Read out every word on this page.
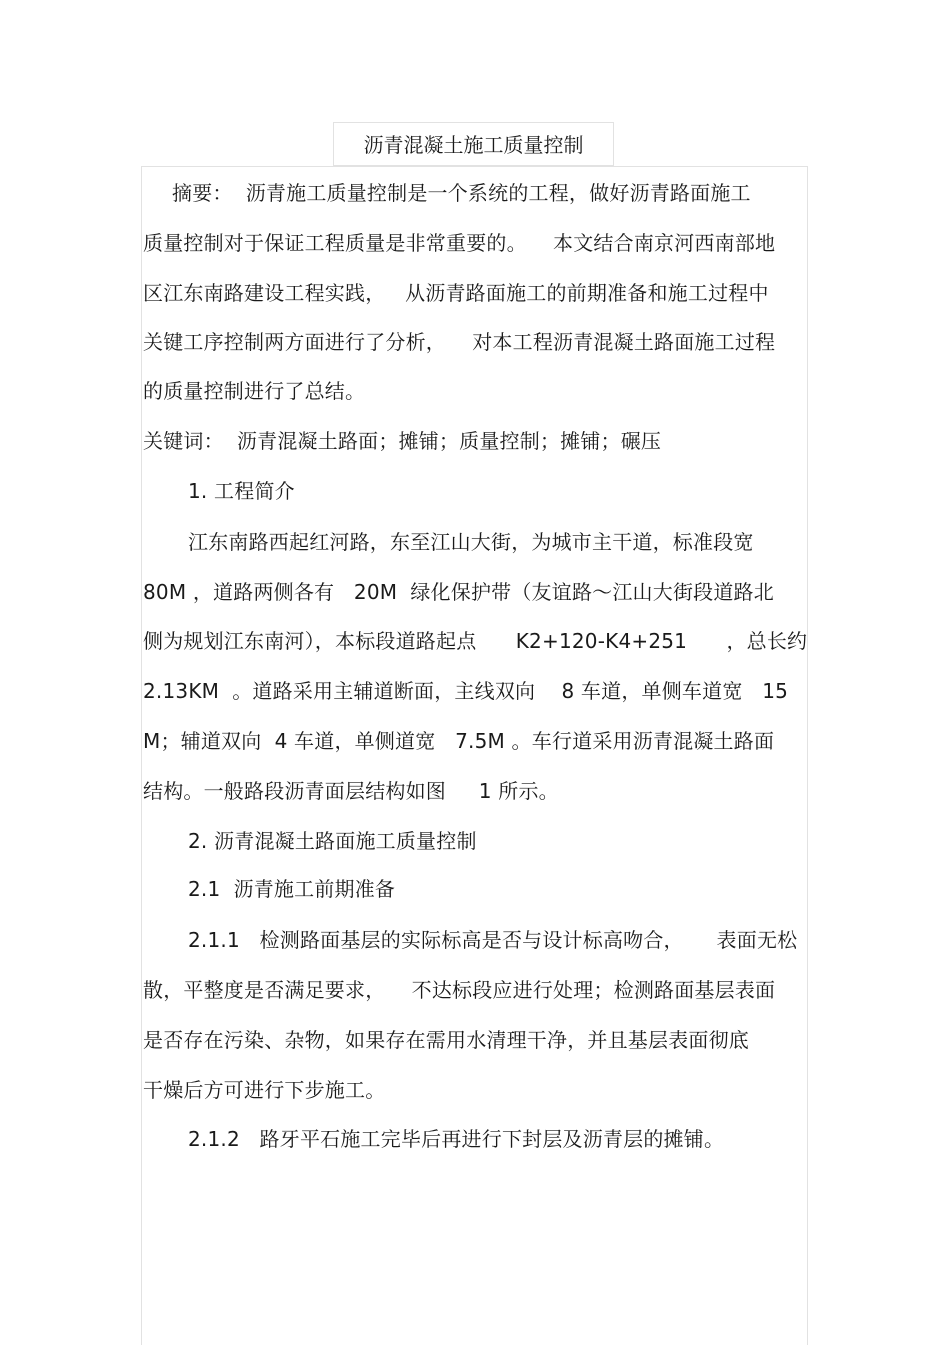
沥青混凝土施工质量控制
摘要：  沥青施工质量控制是一个系统的工程，做好沥青路面施工
质量控制对于保证工程质量是非常重要的。    本文结合南京河西南部地
区江东南路建设工程实践，   从沥青路面施工的前期准备和施工过程中
关键工序控制两方面进行了分析，    对本工程沥青混凝土路面施工过程
的质量控制进行了总结。
关键词：  沥青混凝土路面；摊铺；质量控制；摊铺；碾压
1. 工程简介
江东南路西起红河路，东至江山大街，为城市主干道，标准段宽
80M ，道路两侧各有   20M  绿化保护带（友谊路～江山大街段道路北
侧为规划江东南河），本标段道路起点      K2+120-K4+251      ，总长约
2.13KM  。道路采用主辅道断面，主线双向    8 车道，单侧车道宽   15
M；辅道双向  4 车道，单侧道宽   7.5M 。车行道采用沥青混凝土路面
结构。一般路段沥青面层结构如图     1 所示。
2. 沥青混凝土路面施工质量控制
2.1  沥青施工前期准备
2.1.1   检测路面基层的实际标高是否与设计标高吻合，     表面无松
散，平整度是否满足要求，    不达标段应进行处理；检测路面基层表面
是否存在污染、杂物，如果存在需用水清理干净，并且基层表面彻底
干燥后方可进行下步施工。
2.1.2   路牙平石施工完毕后再进行下封层及沥青层的摊铺。
